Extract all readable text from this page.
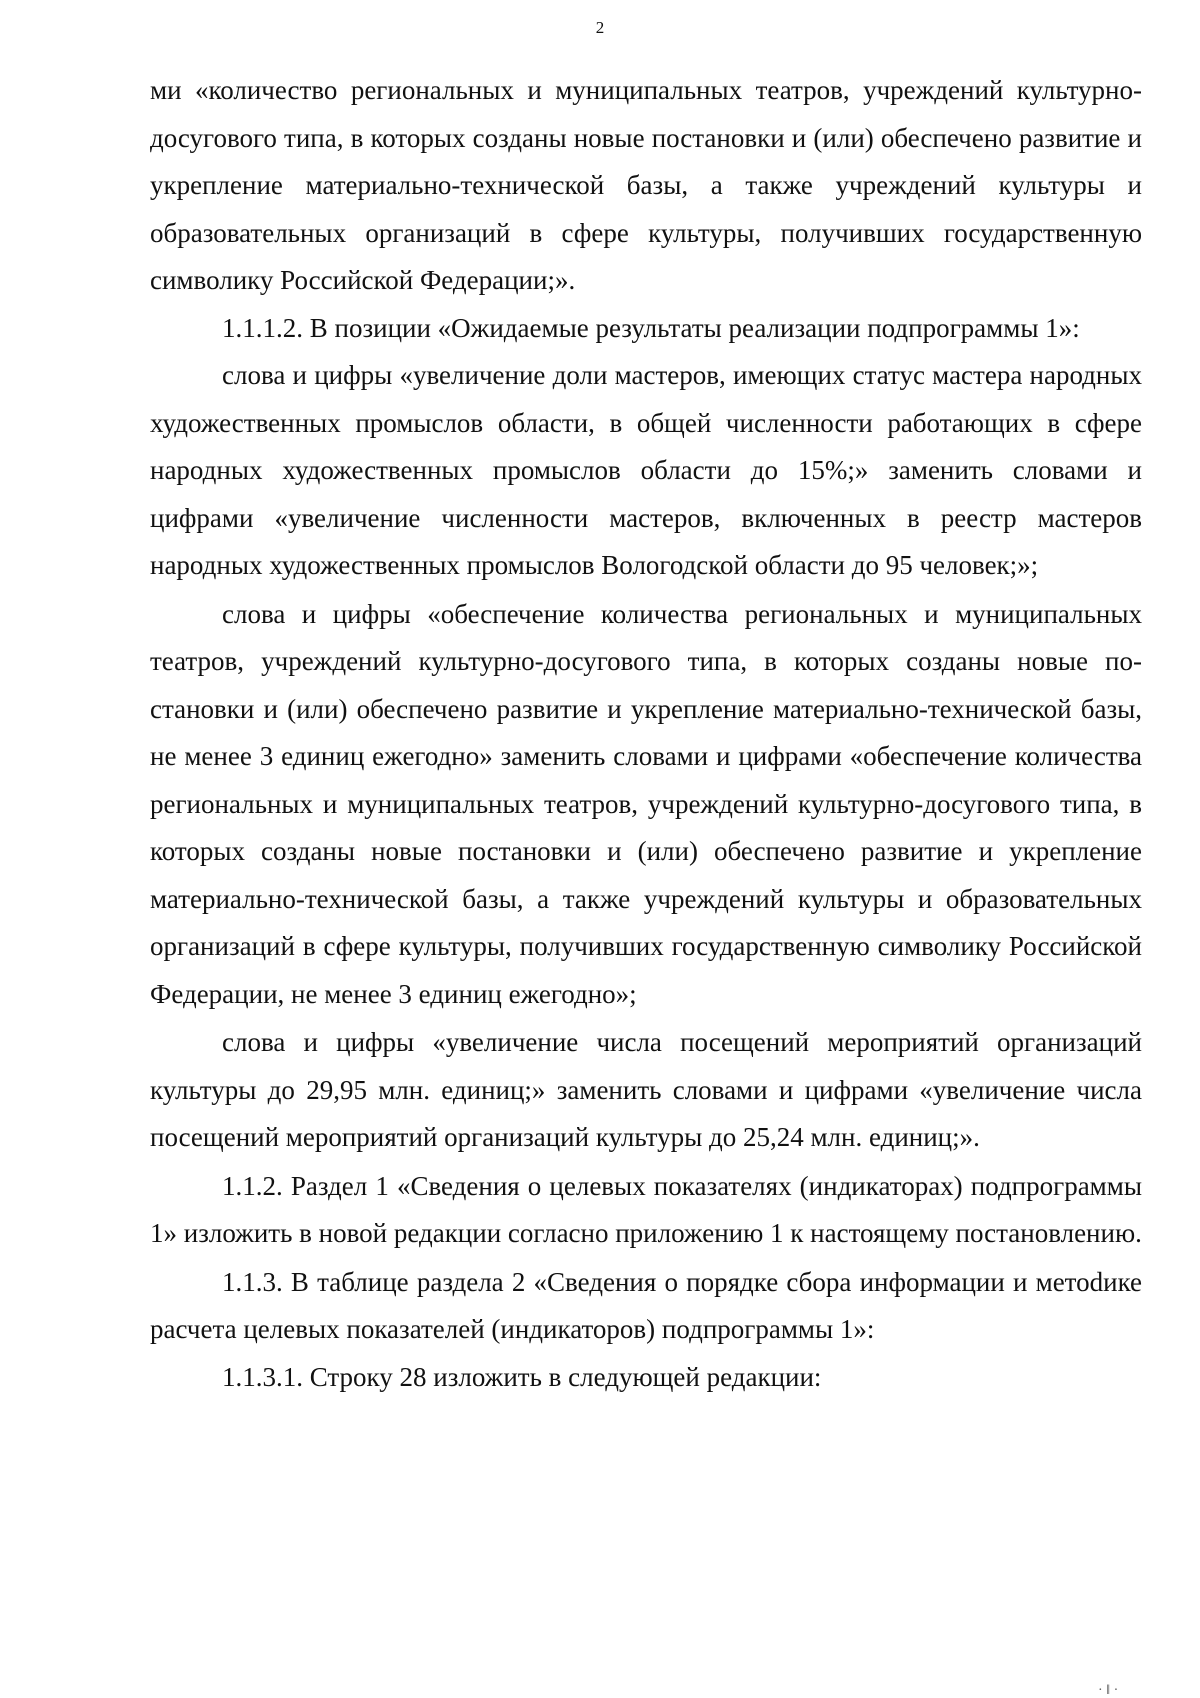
2

ми «количество региональных и муниципальных театров, учреждений культурно-досугового типа, в которых созданы новые постановки и (или) обеспечено развитие и укрепление материально-технической базы, а также учреждений культуры и образовательных организаций в сфере культуры, получивших государственную символику Российской Федерации;».

1.1.1.2. В позиции «Ожидаемые результаты реализации подпрограммы 1»:

слова и цифры «увеличение доли мастеров, имеющих статус мастера народных художественных промыслов области, в общей численности работающих в сфере народных художественных промыслов области до 15%;» заменить словами и цифрами «увеличение численности мастеров, включенных в реестр мастеров народных художественных промыслов Вологодской области до 95 человек;»;

слова и цифры «обеспечение количества региональных и муниципальных театров, учреждений культурно-досугового типа, в которых созданы новые постановки и (или) обеспечено развитие и укрепление материально-технической базы, не менее 3 единиц ежегодно» заменить словами и цифрами «обеспечение количества региональных и муниципальных театров, учреждений культурно-досугового типа, в которых созданы новые постановки и (или) обеспечено развитие и укрепление материально-технической базы, а также учреждений культуры и образовательных организаций в сфере культуры, получивших государственную символику Российской Федерации, не менее 3 единиц ежегодно»;

слова и цифры «увеличение числа посещений мероприятий организаций культуры до 29,95 млн. единиц;» заменить словами и цифрами «увеличение числа посещений мероприятий организаций культуры до 25,24 млн. единиц;».

1.1.2. Раздел 1 «Сведения о целевых показателях (индикаторах) подпрограммы 1» изложить в новой редакции согласно приложению 1 к настоящему постановлению.

1.1.3. В таблице раздела 2 «Сведения о порядке сбора информации и метоdике расчета целевых показателей (индикаторов) подпрограммы 1»:

1.1.3.1. Строку 28 изложить в следующей редакции:

· ‖ ·
